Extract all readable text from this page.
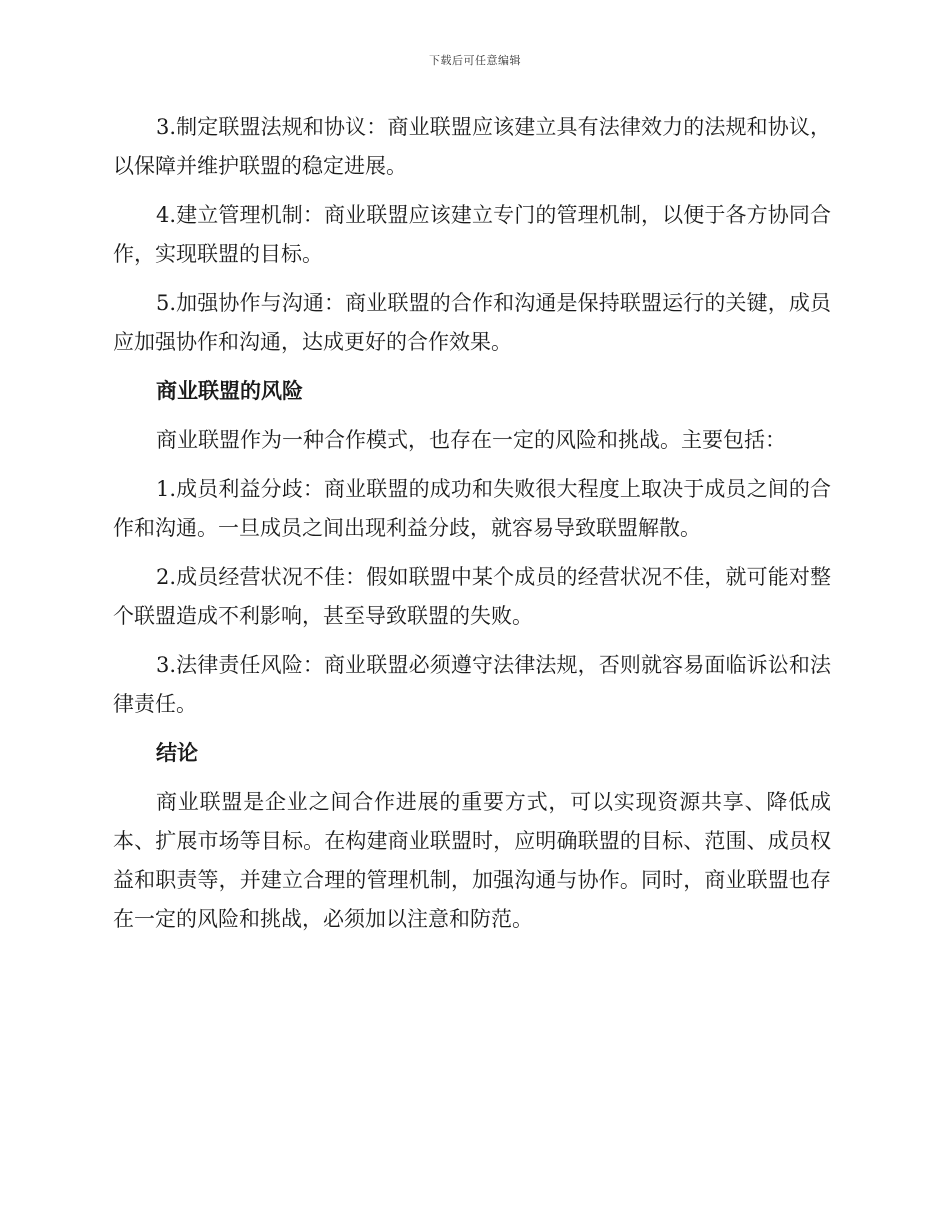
下载后可任意编辑

3.制定联盟法规和协议：商业联盟应该建立具有法律效力的法规和协议，以保障并维护联盟的稳定进展。

4.建立管理机制：商业联盟应该建立专门的管理机制，以便于各方协同合作，实现联盟的目标。

5.加强协作与沟通：商业联盟的合作和沟通是保持联盟运行的关键，成员应加强协作和沟通，达成更好的合作效果。

商业联盟的风险

商业联盟作为一种合作模式，也存在一定的风险和挑战。主要包括：

1.成员利益分歧：商业联盟的成功和失败很大程度上取决于成员之间的合作和沟通。一旦成员之间出现利益分歧，就容易导致联盟解散。

2.成员经营状况不佳：假如联盟中某个成员的经营状况不佳，就可能对整个联盟造成不利影响，甚至导致联盟的失败。

3.法律责任风险：商业联盟必须遵守法律法规，否则就容易面临诉讼和法律责任。

结论

商业联盟是企业之间合作进展的重要方式，可以实现资源共享、降低成本、扩展市场等目标。在构建商业联盟时，应明确联盟的目标、范围、成员权益和职责等，并建立合理的管理机制，加强沟通与协作。同时，商业联盟也存在一定的风险和挑战，必须加以注意和防范。
